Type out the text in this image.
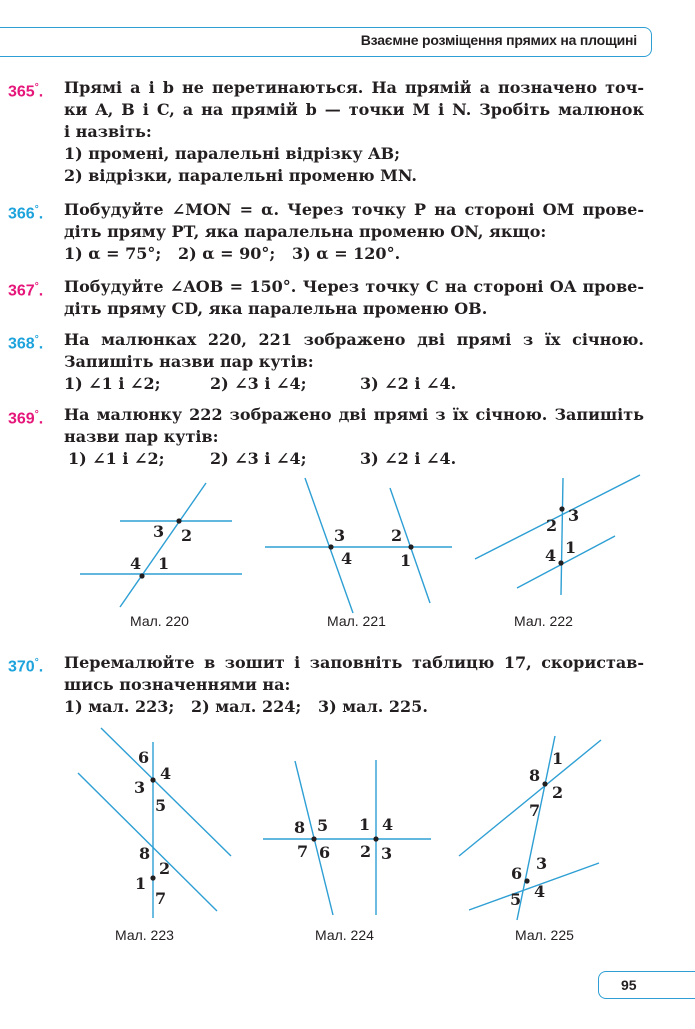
Взаємне розміщення прямих на площині
365°. Прямі a і b не перетинаються. На прямій a позначено точ-
ки A, B і C, а на прямій b — точки M і N. Зробіть малюнок
і назвіть:
1) промені, паралельні відрізку AB;
2) відрізки, паралельні променю MN.
366°. Побудуйте ∠MON = α. Через точку P на стороні OM прове-
діть пряму PT, яка паралельна променю ON, якщо:
1) α = 75°;   2) α = 90°;   3) α = 120°.
367°. Побудуйте ∠AOB = 150°. Через точку C на стороні OA прове-
діть пряму CD, яка паралельна променю OB.
368°. На малюнках 220, 221 зображено дві прямі з їх січною.
Запишіть назви пар кутів:
1) ∠1 і ∠2;	2) ∠3 і ∠4;	3) ∠2 і ∠4.
369°. На малюнку 222 зображено дві прямі з їх січною. Запишіть
назви пар кутів:
1) ∠1 і ∠2;	2) ∠3 і ∠4;	3) ∠2 і ∠4.
3 2
4 1
Мал. 220
3
4
2
1
Мал. 221
2
3
4 1
Мал. 222
370°. Перемалюйте в зошит і заповніть таблицю 17, скористав-
шись позначеннями на:
1) мал. 223;   2) мал. 224;   3) мал. 225.
6
4
3
5
8
2
1
7
Мал. 223
8 5
7 6
1 4
2 3
Мал. 224
1
8
2
7
6
3
5 4
Мал. 225
95
